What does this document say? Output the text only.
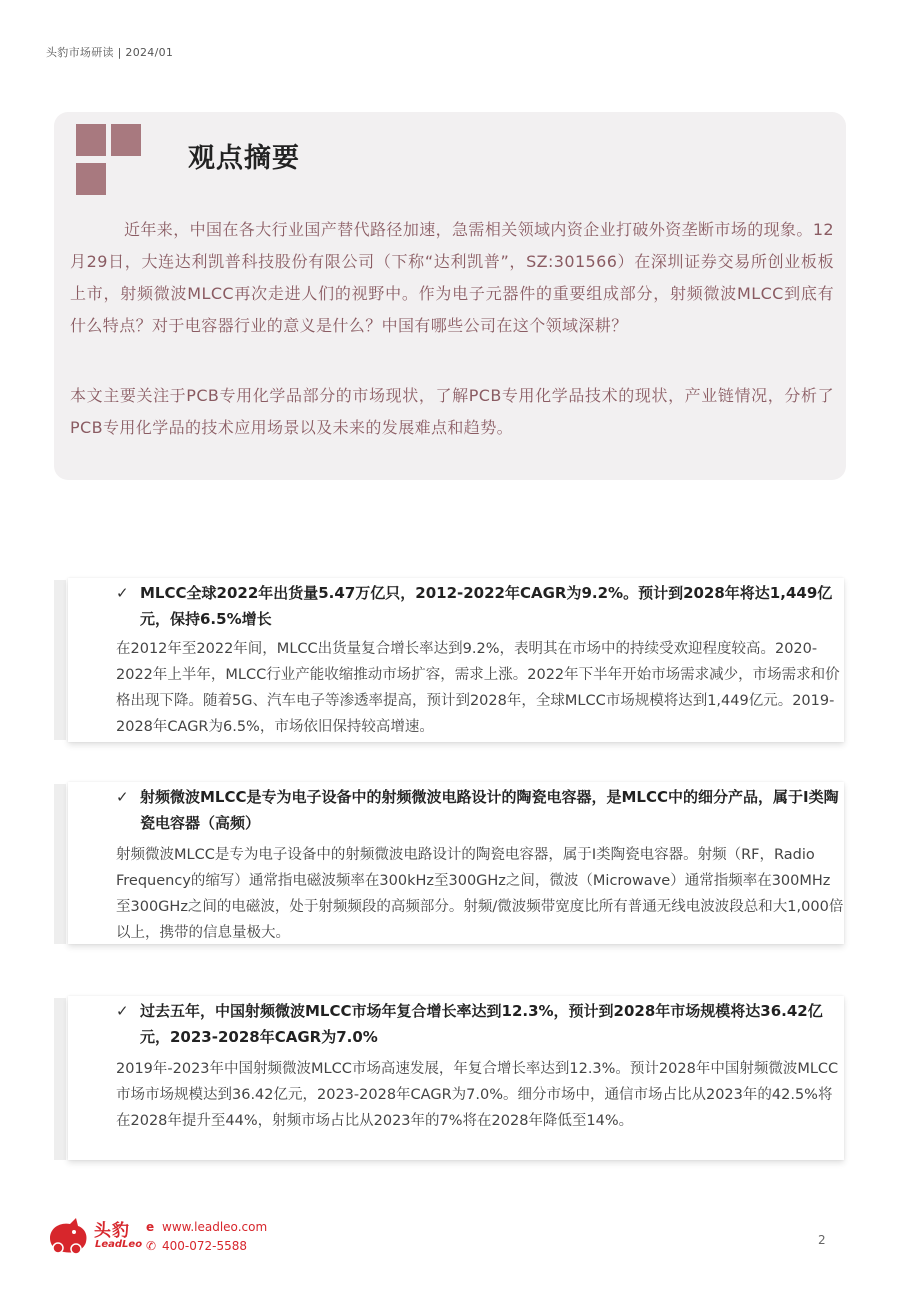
头豹市场研读 | 2024/01
观点摘要

近年来，中国在各大行业国产替代路径加速，急需相关领域内资企业打破外资垄断市场的现象。12月29日，大连达利凯普科技股份有限公司（下称“达利凯普”，SZ:301566）在深圳证券交易所创业板板上市，射频微波MLCC再次走进人们的视野中。作为电子元器件的重要组成部分，射频微波MLCC到底有什么特点？对于电容器行业的意义是什么？中国有哪些公司在这个领域深耕？

本文主要关注于PCB专用化学品部分的市场现状，了解PCB专用化学品技术的现状，产业链情况，分析了PCB专用化学品的技术应用场景以及未来的发展难点和趋势。

✓ MLCC全球2022年出货量5.47万亿只，2012-2022年CAGR为9.2%。预计到2028年将达1,449亿元，保持6.5%增长

在2012年至2022年间，MLCC出货量复合增长率达到9.2%，表明其在市场中的持续受欢迎程度较高。2020-2022年上半年，MLCC行业产能收缩推动市场扩容，需求上涨。2022年下半年开始市场需求减少，市场需求和价格出现下降。随着5G、汽车电子等渗透率提高，预计到2028年，全球MLCC市场规模将达到1,449亿元。2019-2028年CAGR为6.5%，市场依旧保持较高增速。

✓ 射频微波MLCC是专为电子设备中的射频微波电路设计的陶瓷电容器，是MLCC中的细分产品，属于I类陶瓷电容器（高频）

射频微波MLCC是专为电子设备中的射频微波电路设计的陶瓷电容器，属于I类陶瓷电容器。射频（RF，Radio Frequency的缩写）通常指电磁波频率在300kHz至300GHz之间，微波（Microwave）通常指频率在300MHz至300GHz之间的电磁波，处于射频频段的高频部分。射频/微波频带宽度比所有普通无线电波波段总和大1,000倍以上，携带的信息量极大。

✓ 过去五年，中国射频微波MLCC市场年复合增长率达到12.3%，预计到2028年市场规模将达36.42亿元，2023-2028年CAGR为7.0%

2019年-2023年中国射频微波MLCC市场高速发展，年复合增长率达到12.3%。预计2028年中国射频微波MLCC市场市场规模达到36.42亿元，2023-2028年CAGR为7.0%。细分市场中，通信市场占比从2023年的42.5%将在2028年提升至44%，射频市场占比从2023年的7%将在2028年降低至14%。

头豹
LeadLeo
e www.leadleo.com
✆ 400-072-5588	2
